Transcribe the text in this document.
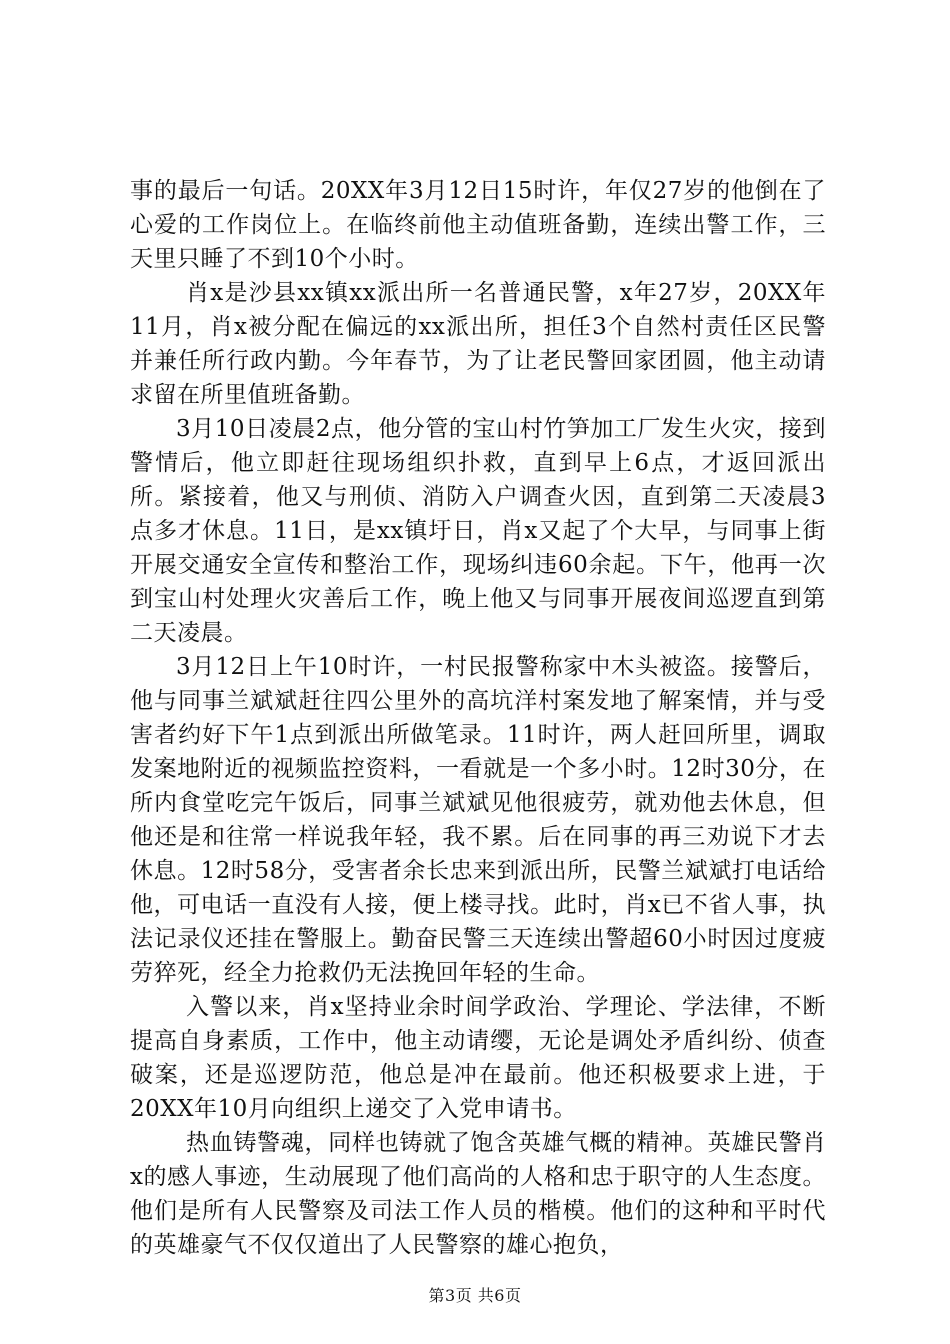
事的最后一句话。20XX年3月12日15时许，年仅27岁的他倒在了心爱的工作岗位上。在临终前他主动值班备勤，连续出警工作，三天里只睡了不到10个小时。

肖x是沙县xx镇xx派出所一名普通民警，x年27岁，20XX年11月，肖x被分配在偏远的xx派出所，担任3个自然村责任区民警并兼任所行政内勤。今年春节，为了让老民警回家团圆，他主动请求留在所里值班备勤。

3月10日凌晨2点，他分管的宝山村竹笋加工厂发生火灾，接到警情后，他立即赶往现场组织扑救，直到早上6点，才返回派出所。紧接着，他又与刑侦、消防入户调查火因，直到第二天凌晨3点多才休息。11日，是xx镇圩日，肖x又起了个大早，与同事上街开展交通安全宣传和整治工作，现场纠违60余起。下午，他再一次到宝山村处理火灾善后工作，晚上他又与同事开展夜间巡逻直到第二天凌晨。

3月12日上午10时许，一村民报警称家中木头被盗。接警后，他与同事兰斌斌赶往四公里外的高坑洋村案发地了解案情，并与受害者约好下午1点到派出所做笔录。11时许，两人赶回所里，调取发案地附近的视频监控资料，一看就是一个多小时。12时30分，在所内食堂吃完午饭后，同事兰斌斌见他很疲劳，就劝他去休息，但他还是和往常一样说我年轻，我不累。后在同事的再三劝说下才去休息。12时58分，受害者余长忠来到派出所，民警兰斌斌打电话给他，可电话一直没有人接，便上楼寻找。此时，肖x已不省人事，执法记录仪还挂在警服上。勤奋民警三天连续出警超60小时因过度疲劳猝死，经全力抢救仍无法挽回年轻的生命。

入警以来，肖x坚持业余时间学政治、学理论、学法律，不断提高自身素质，工作中，他主动请缨，无论是调处矛盾纠纷、侦查破案，还是巡逻防范，他总是冲在最前。他还积极要求上进，于20XX年10月向组织上递交了入党申请书。

热血铸警魂，同样也铸就了饱含英雄气概的精神。英雄民警肖x的感人事迹，生动展现了他们高尚的人格和忠于职守的人生态度。他们是所有人民警察及司法工作人员的楷模。他们的这种和平时代的英雄豪气不仅仅道出了人民警察的雄心抱负，

第3页 共6页
